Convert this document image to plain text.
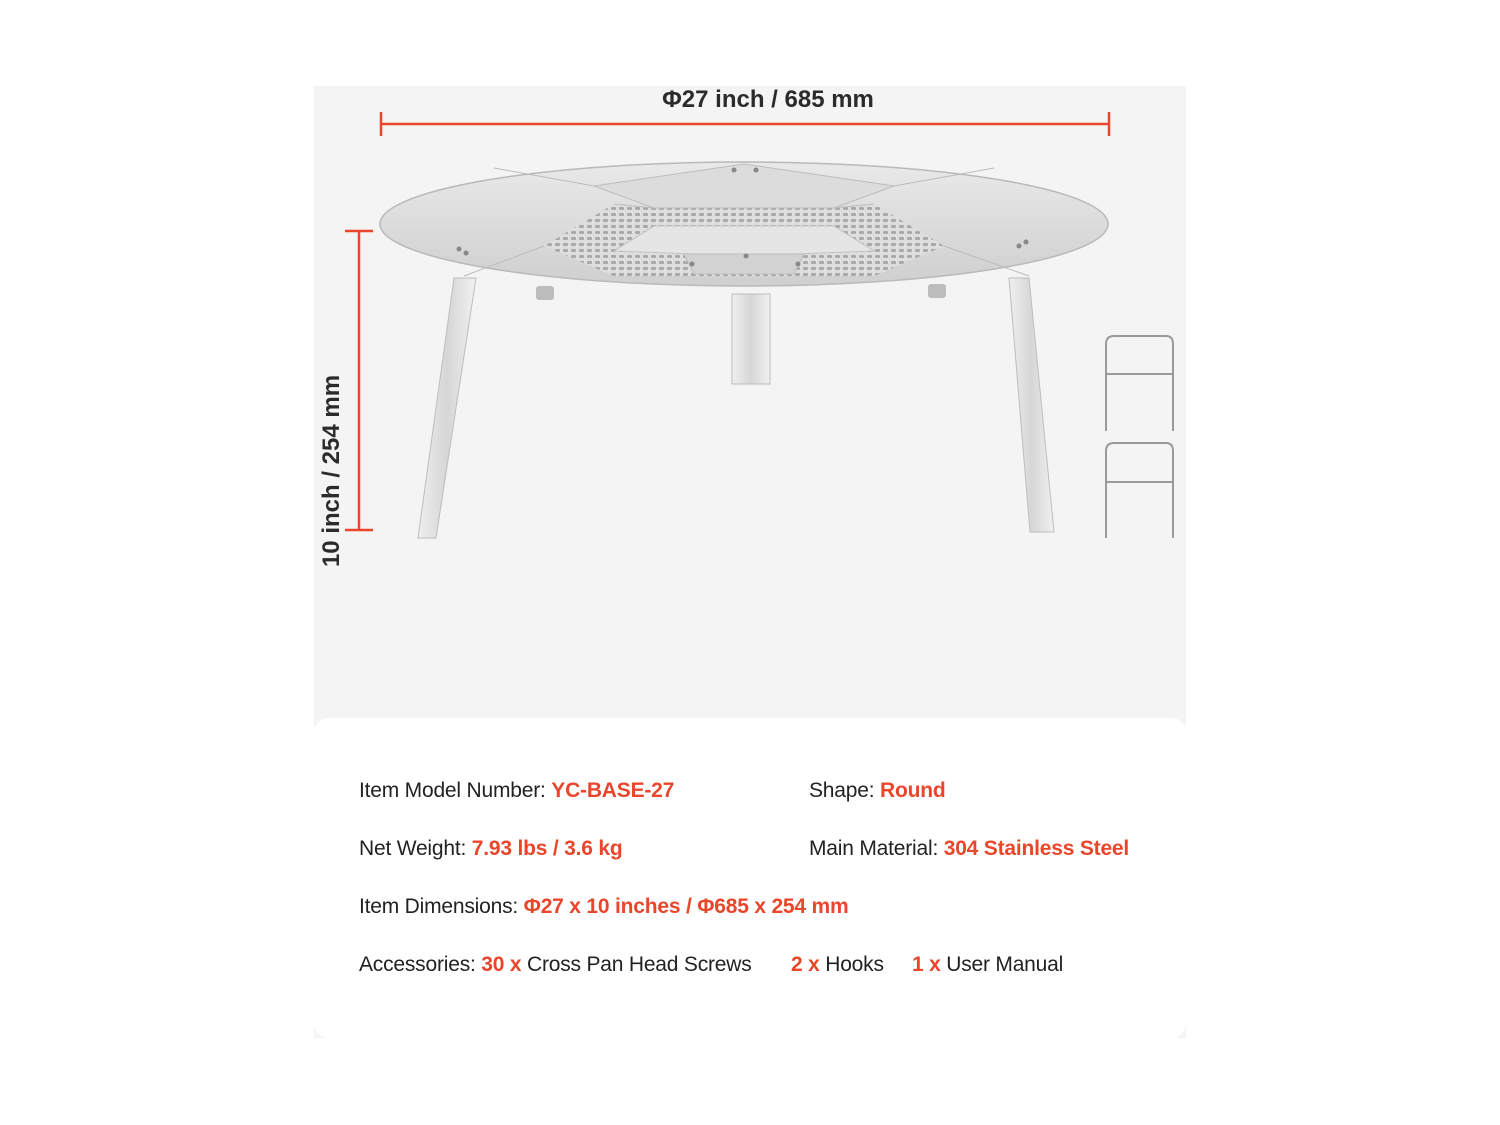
Φ27 inch / 685 mm
10 inch / 254 mm
Item Model Number: YC-BASE-27	Shape: Round
Net Weight: 7.93 lbs / 3.6 kg	Main Material: 304 Stainless Steel
Item Dimensions: Φ27 x 10 inches / Φ685 x 254 mm
Accessories: 30 x Cross Pan Head Screws 2 x Hooks 1 x User Manual
